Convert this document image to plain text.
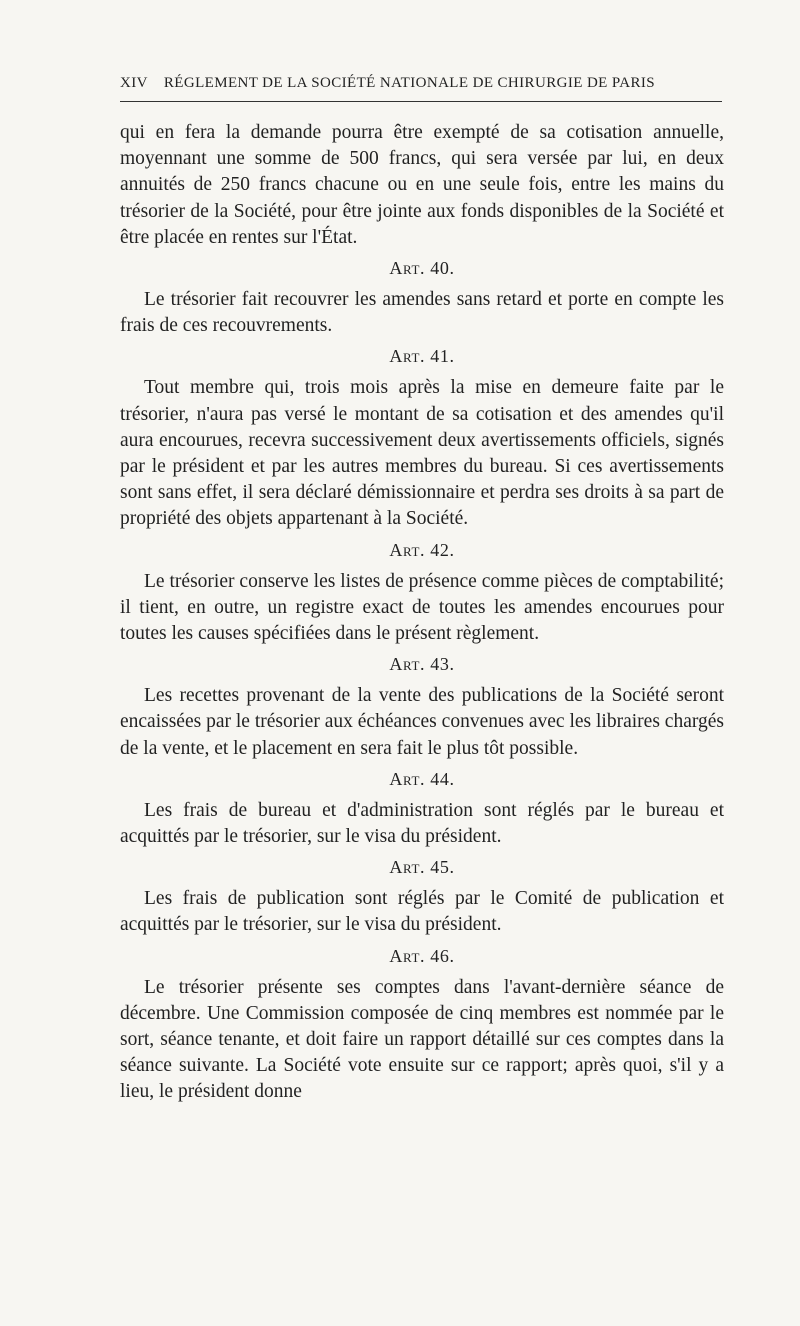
XIV RÉGLEMENT DE LA SOCIÉTÉ NATIONALE DE CHIRURGIE DE PARIS

qui en fera la demande pourra être exempté de sa cotisation annuelle, moyennant une somme de 500 francs, qui sera versée par lui, en deux annuités de 250 francs chacune ou en une seule fois, entre les mains du trésorier de la Société, pour être jointe aux fonds disponibles de la Société et être placée en rentes sur l'État.

Art. 40.

Le trésorier fait recouvrer les amendes sans retard et porte en compte les frais de ces recouvrements.

Art. 41.

Tout membre qui, trois mois après la mise en demeure faite par le trésorier, n'aura pas versé le montant de sa cotisation et des amendes qu'il aura encourues, recevra successivement deux avertissements officiels, signés par le président et par les autres membres du bureau. Si ces avertissements sont sans effet, il sera déclaré démissionnaire et perdra ses droits à sa part de propriété des objets appartenant à la Société.

Art. 42.

Le trésorier conserve les listes de présence comme pièces de comptabilité; il tient, en outre, un registre exact de toutes les amendes encourues pour toutes les causes spécifiées dans le présent règlement.

Art. 43.

Les recettes provenant de la vente des publications de la Société seront encaissées par le trésorier aux échéances convenues avec les libraires chargés de la vente, et le placement en sera fait le plus tôt possible.

Art. 44.

Les frais de bureau et d'administration sont réglés par le bureau et acquittés par le trésorier, sur le visa du président.

Art. 45.

Les frais de publication sont réglés par le Comité de publication et acquittés par le trésorier, sur le visa du président.

Art. 46.

Le trésorier présente ses comptes dans l'avant-dernière séance de décembre. Une Commission composée de cinq membres est nommée par le sort, séance tenante, et doit faire un rapport détaillé sur ces comptes dans la séance suivante. La Société vote ensuite sur ce rapport; après quoi, s'il y a lieu, le président donne
